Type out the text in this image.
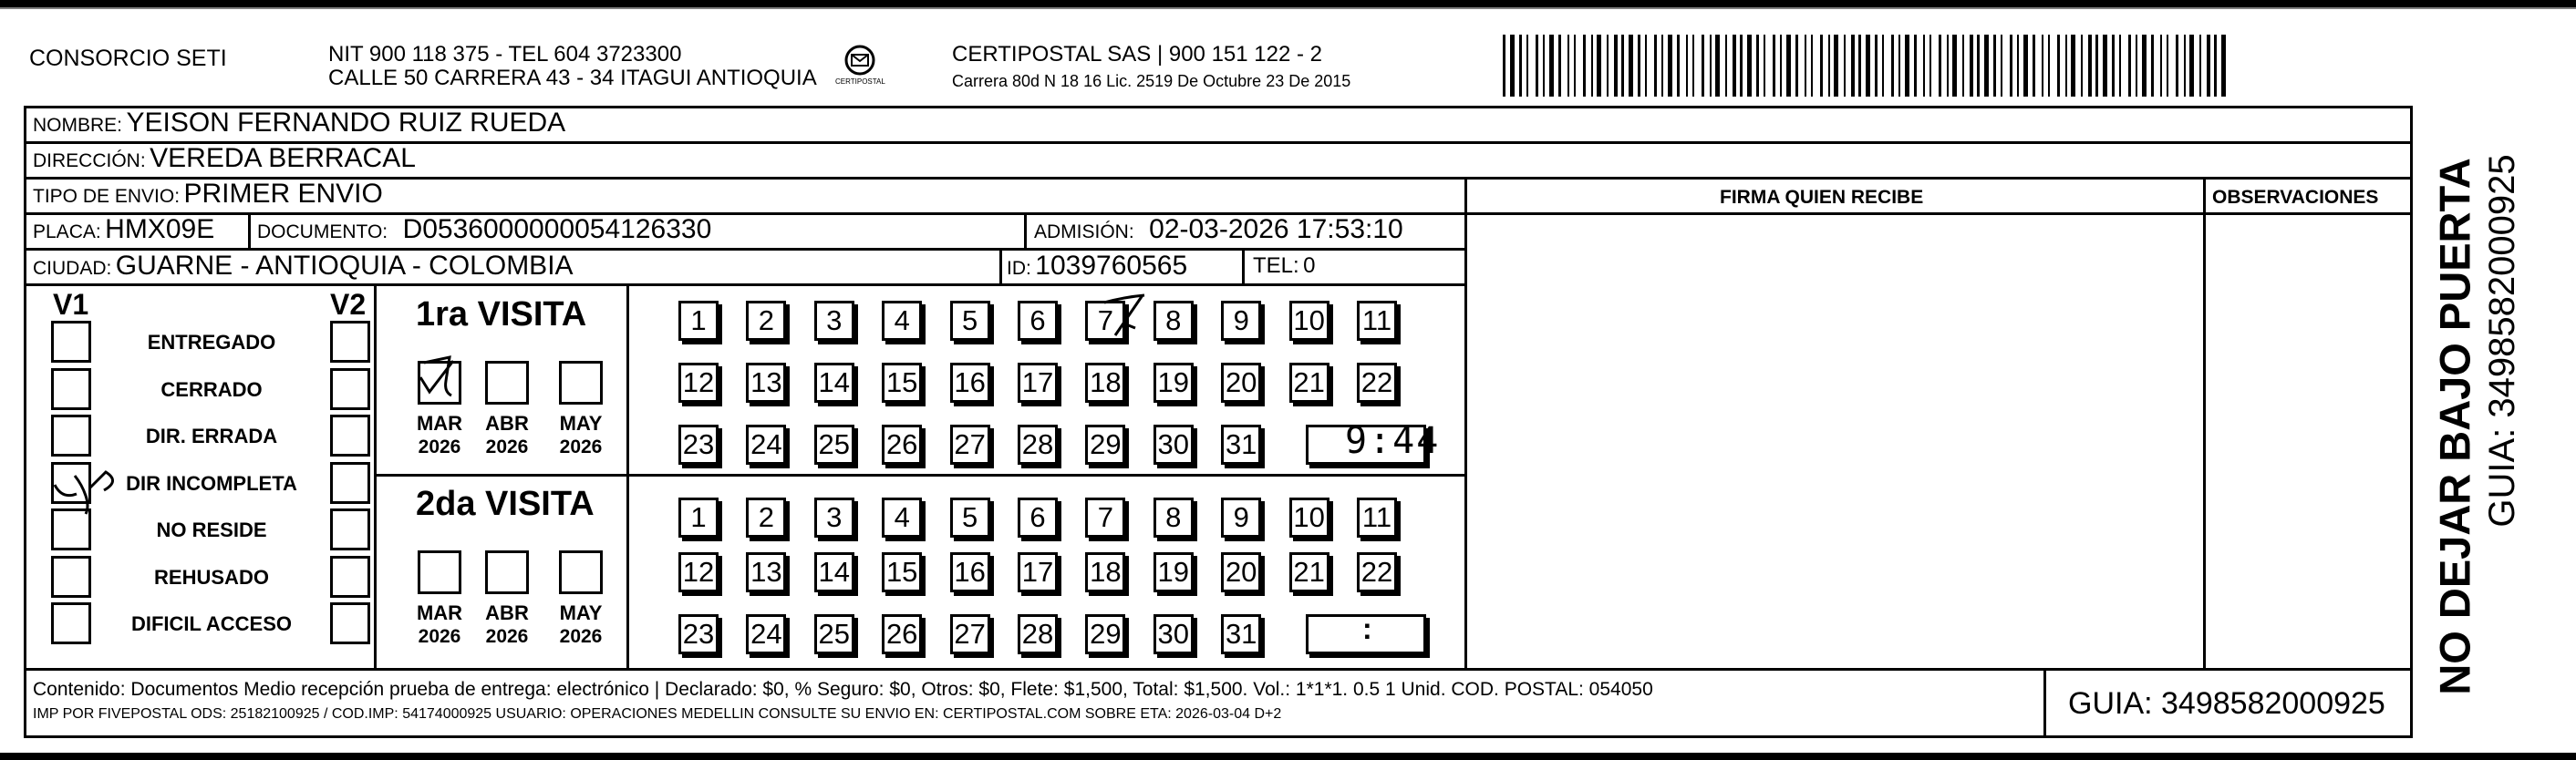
CONSORCIO SETI	NIT 900 118 375 - TEL 604 3723300
CALLE 50 CARRERA 43 - 34 ITAGUI ANTIOQUIA	CERTIPOSTAL
CERTIPOSTAL SAS | 900 151 122 - 2
Carrera 80d N 18 16 Lic. 2519 De Octubre 23 De 2015
NOMBRE: YEISON FERNANDO RUIZ RUEDA
DIRECCIÓN: VEREDA BERRACAL
TIPO DE ENVIO: PRIMER ENVIO	FIRMA QUIEN RECIBE	OBSERVACIONES
PLACA: HMX09E DOCUMENTO: D0536000000054126330	ADMISIÓN: 02-03-2026 17:53:10
CIUDAD: GUARNE - ANTIOQUIA - COLOMBIA	ID: 1039760565	TEL: 0
V1	V2
ENTREGADO
CERRADO
DIR. ERRADA
DIR INCOMPLETA
NO RESIDE
REHUSADO
DIFICIL ACCESO
1ra VISITA
2da VISITA
MAR
2026
ABR
2026
MAY
2026
MAR
2026
ABR
2026
MAY
2026
1	2	3	4	5	6	7	8	9	10 11
12 13 14 15 16 17 18 19 20 21 22
23 24 25 26 27 28 29 30 31
1	2	3	4	5	6	7	8	9	10 11
12 13 14 15 16 17 18 19 20 21 22
23 24 25 26 27 28 29 30 31
9:44
:
Contenido: Documentos Medio recepción prueba de entrega: electrónico | Declarado: $0, % Seguro: $0, Otros: $0, Flete: $1,500, Total: $1,500. Vol.: 1*1*1. 0.5 1 Unid. COD. POSTAL: 054050
IMP POR FIVEPOSTAL ODS: 25182100925 / COD.IMP: 54174000925 USUARIO: OPERACIONES MEDELLIN CONSULTE SU ENVIO EN: CERTIPOSTAL.COM SOBRE ETA: 2026-03-04 D+2	GUIA: 3498582000925
NO DEJAR BAJO PUERTA GUIA: 3498582000925
